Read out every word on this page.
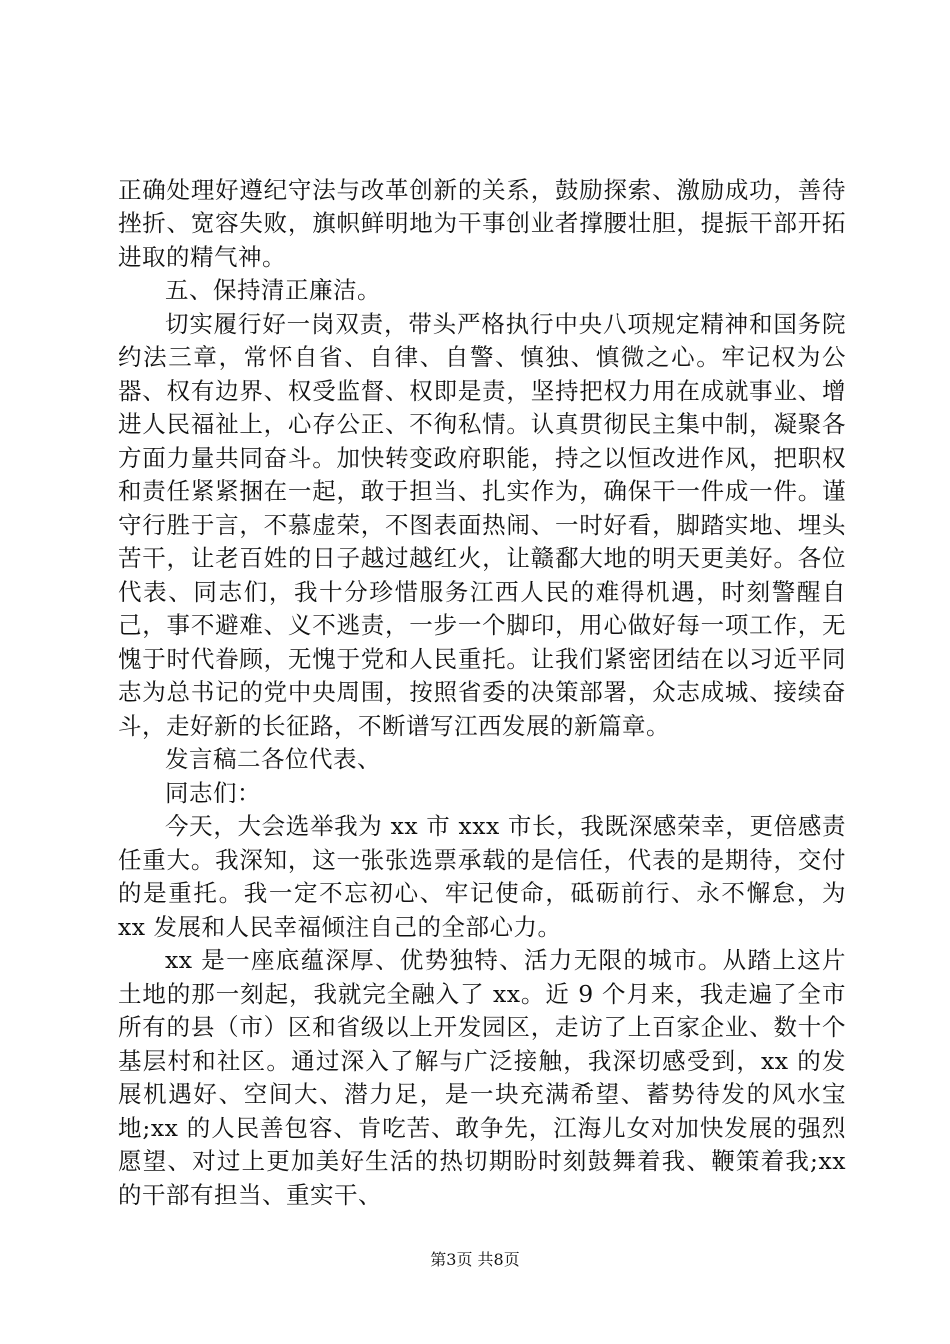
正确处理好遵纪守法与改革创新的关系，鼓励探索、激励成功，善待挫折、宽容失败，旗帜鲜明地为干事创业者撑腰壮胆，提振干部开拓进取的精气神。

五、保持清正廉洁。

切实履行好一岗双责，带头严格执行中央八项规定精神和国务院约法三章，常怀自省、自律、自警、慎独、慎微之心。牢记权为公器、权有边界、权受监督、权即是责，坚持把权力用在成就事业、增进人民福祉上，心存公正、不徇私情。认真贯彻民主集中制，凝聚各方面力量共同奋斗。加快转变政府职能，持之以恒改进作风，把职权和责任紧紧捆在一起，敢于担当、扎实作为，确保干一件成一件。谨守行胜于言，不慕虚荣，不图表面热闹、一时好看，脚踏实地、埋头苦干，让老百姓的日子越过越红火，让赣鄱大地的明天更美好。各位代表、同志们，我十分珍惜服务江西人民的难得机遇，时刻警醒自己，事不避难、义不逃责，一步一个脚印，用心做好每一项工作，无愧于时代眷顾，无愧于党和人民重托。让我们紧密团结在以习近平同志为总书记的党中央周围，按照省委的决策部署，众志成城、接续奋斗，走好新的长征路，不断谱写江西发展的新篇章。

发言稿二各位代表、

同志们：

今天，大会选举我为 xx 市 xxx 市长，我既深感荣幸，更倍感责任重大。我深知，这一张张选票承载的是信任，代表的是期待，交付的是重托。我一定不忘初心、牢记使命，砥砺前行、永不懈怠，为 xx 发展和人民幸福倾注自己的全部心力。

xx 是一座底蕴深厚、优势独特、活力无限的城市。从踏上这片土地的那一刻起，我就完全融入了 xx。近 9 个月来，我走遍了全市所有的县（市）区和省级以上开发园区，走访了上百家企业、数十个基层村和社区。通过深入了解与广泛接触，我深切感受到，xx 的发展机遇好、空间大、潜力足，是一块充满希望、蓄势待发的风水宝地;xx 的人民善包容、肯吃苦、敢争先，江海儿女对加快发展的强烈愿望、对过上更加美好生活的热切期盼时刻鼓舞着我、鞭策着我;xx 的干部有担当、重实干、

第3页 共8页
